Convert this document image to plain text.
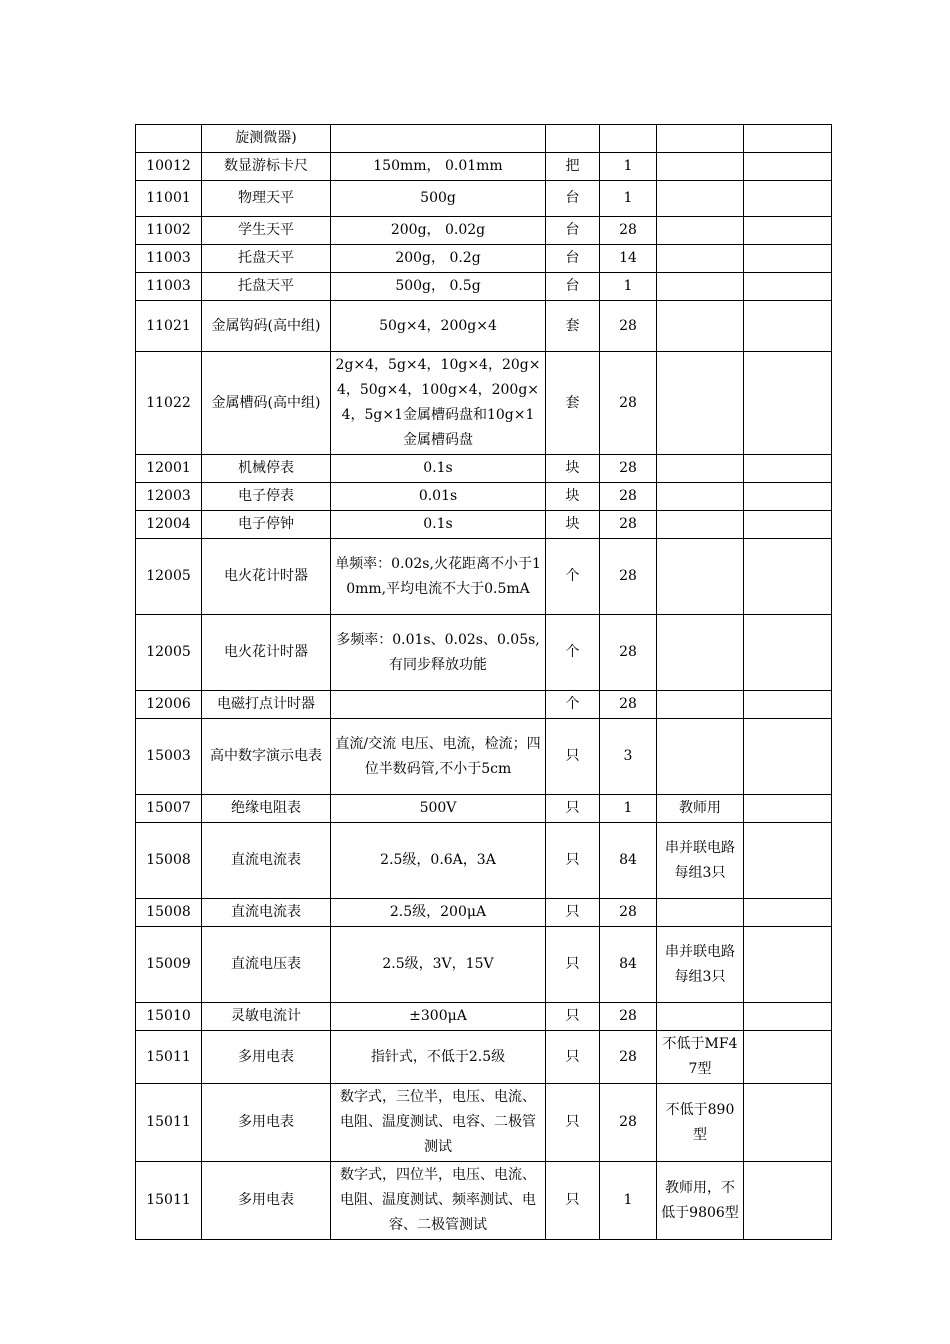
	旋测微器)					
10012	数显游标卡尺	150mm， 0.01mm	把	1		
11001	物理天平	500g	台	1		
11002	学生天平	200g， 0.02g	台	28		
11003	托盘天平	200g， 0.2g	台	14		
11003	托盘天平	500g， 0.5g	台	1		
11021	金属钩码(高中组)	50g×4，200g×4	套	28		
11022	金属槽码(高中组)	2g×4，5g×4，10g×4，20g×4，50g×4，100g×4，200g×4，5g×1金属槽码盘和10g×1金属槽码盘	套	28		
12001	机械停表	0.1s	块	28		
12003	电子停表	0.01s	块	28		
12004	电子停钟	0.1s	块	28		
12005	电火花计时器	单频率：0.02s,火花距离不小于10mm,平均电流不大于0.5mA	个	28		
12005	电火花计时器	多频率：0.01s、0.02s、0.05s,有同步释放功能	个	28		
12006	电磁打点计时器		个	28		
15003	高中数字演示电表	直流/交流 电压、电流，检流；四位半数码管,不小于5cm	只	3		
15007	绝缘电阻表	500V	只	1	教师用	
15008	直流电流表	2.5级，0.6A，3A	只	84	串并联电路每组3只	
15008	直流电流表	2.5级，200μA	只	28		
15009	直流电压表	2.5级，3V，15V	只	84	串并联电路每组3只	
15010	灵敏电流计	±300μA	只	28		
15011	多用电表	指针式，不低于2.5级	只	28	不低于MF47型	
15011	多用电表	数字式，三位半，电压、电流、电阻、温度测试、电容、二极管测试	只	28	不低于890型	
15011	多用电表	数字式，四位半，电压、电流、电阻、温度测试、频率测试、电容、二极管测试	只	1	教师用，不低于9806型	
